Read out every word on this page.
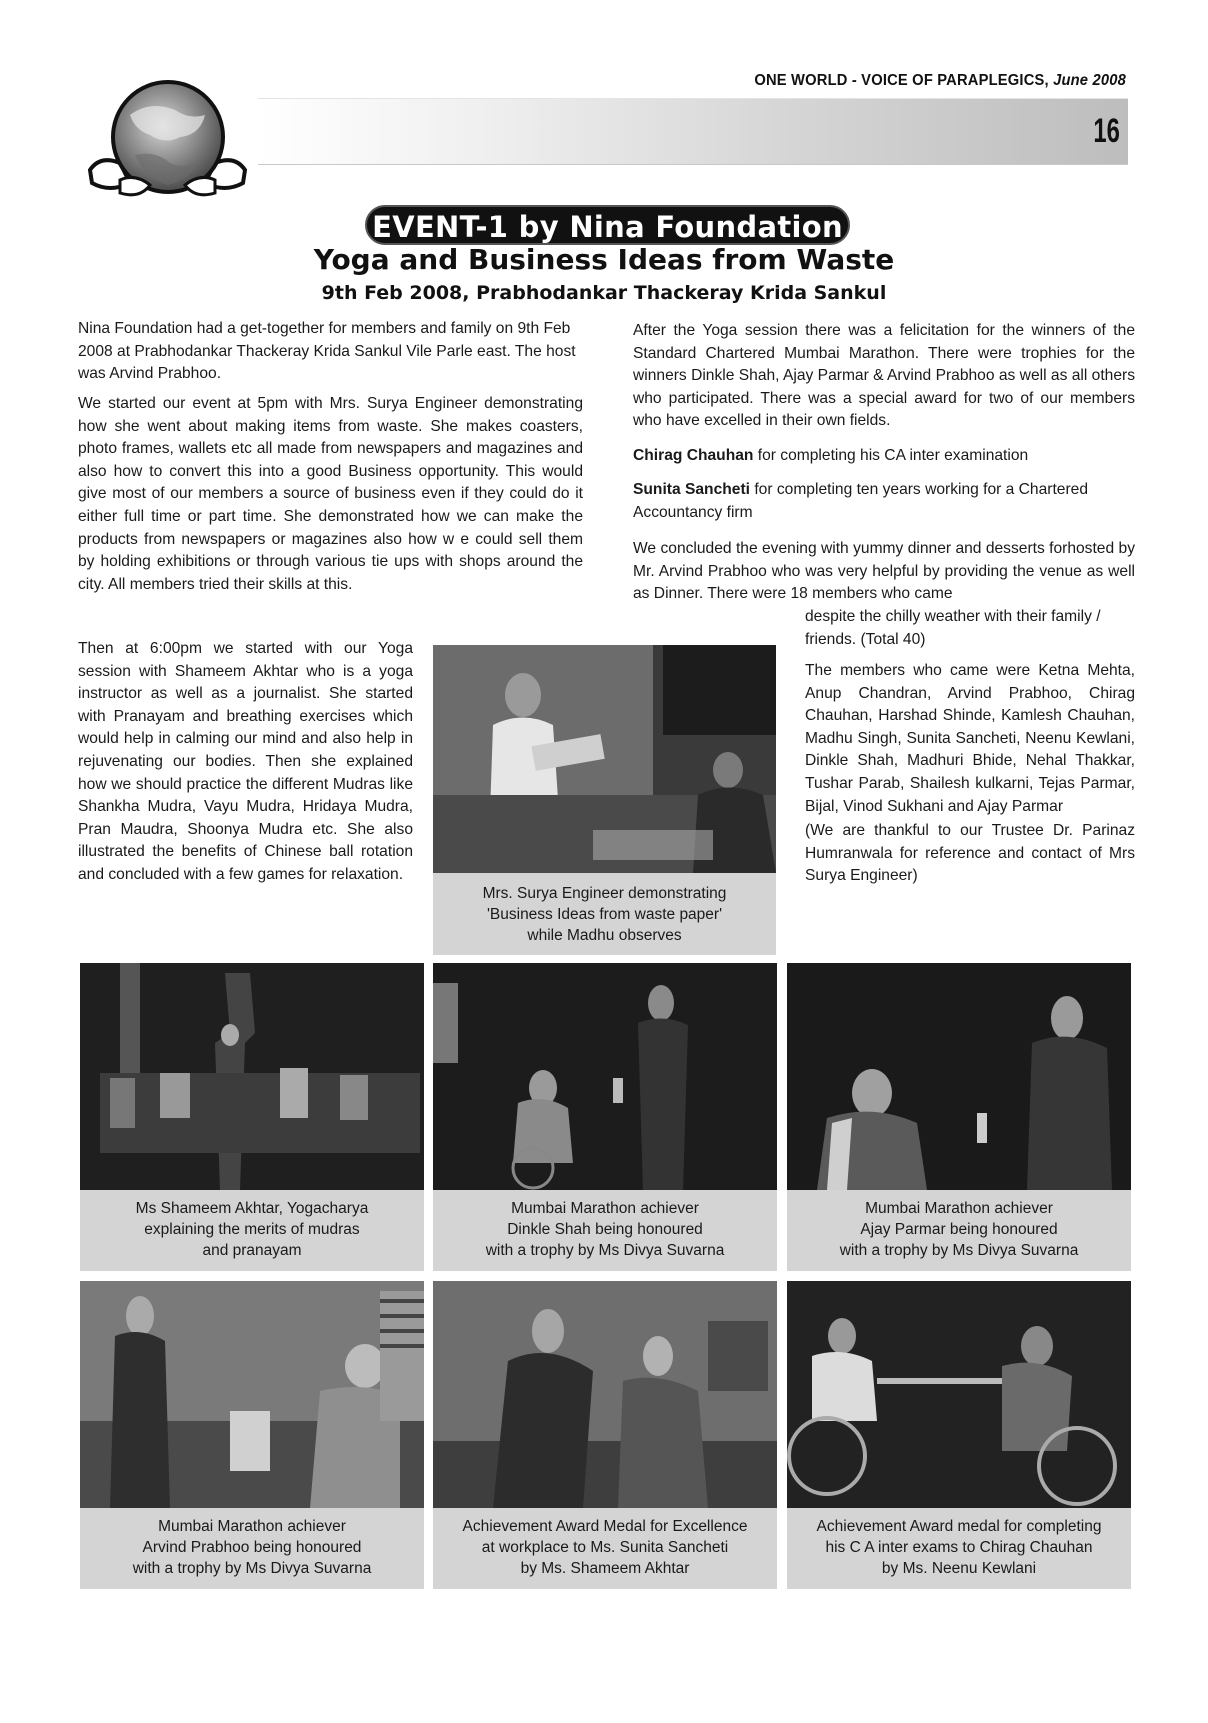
ONE WORLD - VOICE OF PARAPLEGICS, June 2008
16
EVENT-1 by Nina Foundation
Yoga and Business Ideas from Waste
9th Feb 2008, Prabhodankar Thackeray Krida Sankul

Nina Foundation had a get-together for members and family on 9th Feb 2008 at Prabhodankar Thackeray Krida Sankul Vile Parle east. The host was Arvind Prabhoo.

We started our event at 5pm with Mrs. Surya Engineer demonstrating how she went about making items from waste. She makes coasters, photo frames, wallets etc all made from newspapers and magazines and also how to convert this into a good Business opportunity. This would give most of our members a source of business even if they could do it either full time or part time. She demonstrated how we can make the products from newspapers or magazines also how w e could sell them by holding exhibitions or through various tie ups with shops around the city. All members tried their skills at this.

Then at 6:00pm we started with our Yoga session with Shameem Akhtar who is a yoga instructor as well as a journalist. She started with Pranayam and breathing exercises which would help in calming our mind and also help in rejuvenating our bodies. Then she explained how we should practice the different Mudras like Shankha Mudra, Vayu Mudra, Hridaya Mudra, Pran Maudra, Shoonya Mudra etc. She also illustrated the benefits of Chinese ball rotation and concluded with a few games for relaxation.

After the Yoga session there was a felicitation for the winners of the Standard Chartered Mumbai Marathon. There were trophies for the winners Dinkle Shah, Ajay Parmar & Arvind Prabhoo as well as all others who participated. There was a special award for two of our members who have excelled in their own fields.

Chirag Chauhan for completing his CA inter examination

Sunita Sancheti for completing ten years working for a Chartered Accountancy firm

We concluded the evening with yummy dinner and desserts forhosted by Mr. Arvind Prabhoo who was very helpful by providing the venue as well as Dinner. There were 18 members who came

despite the chilly weather with their family / friends. (Total 40)

The members who came were Ketna Mehta, Anup Chandran, Arvind Prabhoo, Chirag Chauhan, Harshad Shinde, Kamlesh Chauhan, Madhu Singh, Sunita Sancheti, Neenu Kewlani, Dinkle Shah, Madhuri Bhide, Nehal Thakkar, Tushar Parab, Shailesh kulkarni, Tejas Parmar, Bijal, Vinod Sukhani and Ajay Parmar

(We are thankful to our Trustee Dr. Parinaz Humranwala for reference and contact of Mrs Surya Engineer)

Mrs. Surya Engineer demonstrating
'Business Ideas from waste paper'
while Madhu observes
Ms Shameem Akhtar, Yogacharya
explaining the merits of mudras
and pranayam
Mumbai Marathon achiever
Dinkle Shah being honoured
with a trophy by Ms Divya Suvarna
Mumbai Marathon achiever
Ajay Parmar being honoured
with a trophy by Ms Divya Suvarna
Mumbai Marathon achiever
Arvind Prabhoo being honoured
with a trophy by Ms Divya Suvarna
Achievement Award Medal for Excellence
at workplace to Ms. Sunita Sancheti
by Ms. Shameem Akhtar
Achievement Award medal for completing
his C A inter exams to Chirag Chauhan
by Ms. Neenu Kewlani
